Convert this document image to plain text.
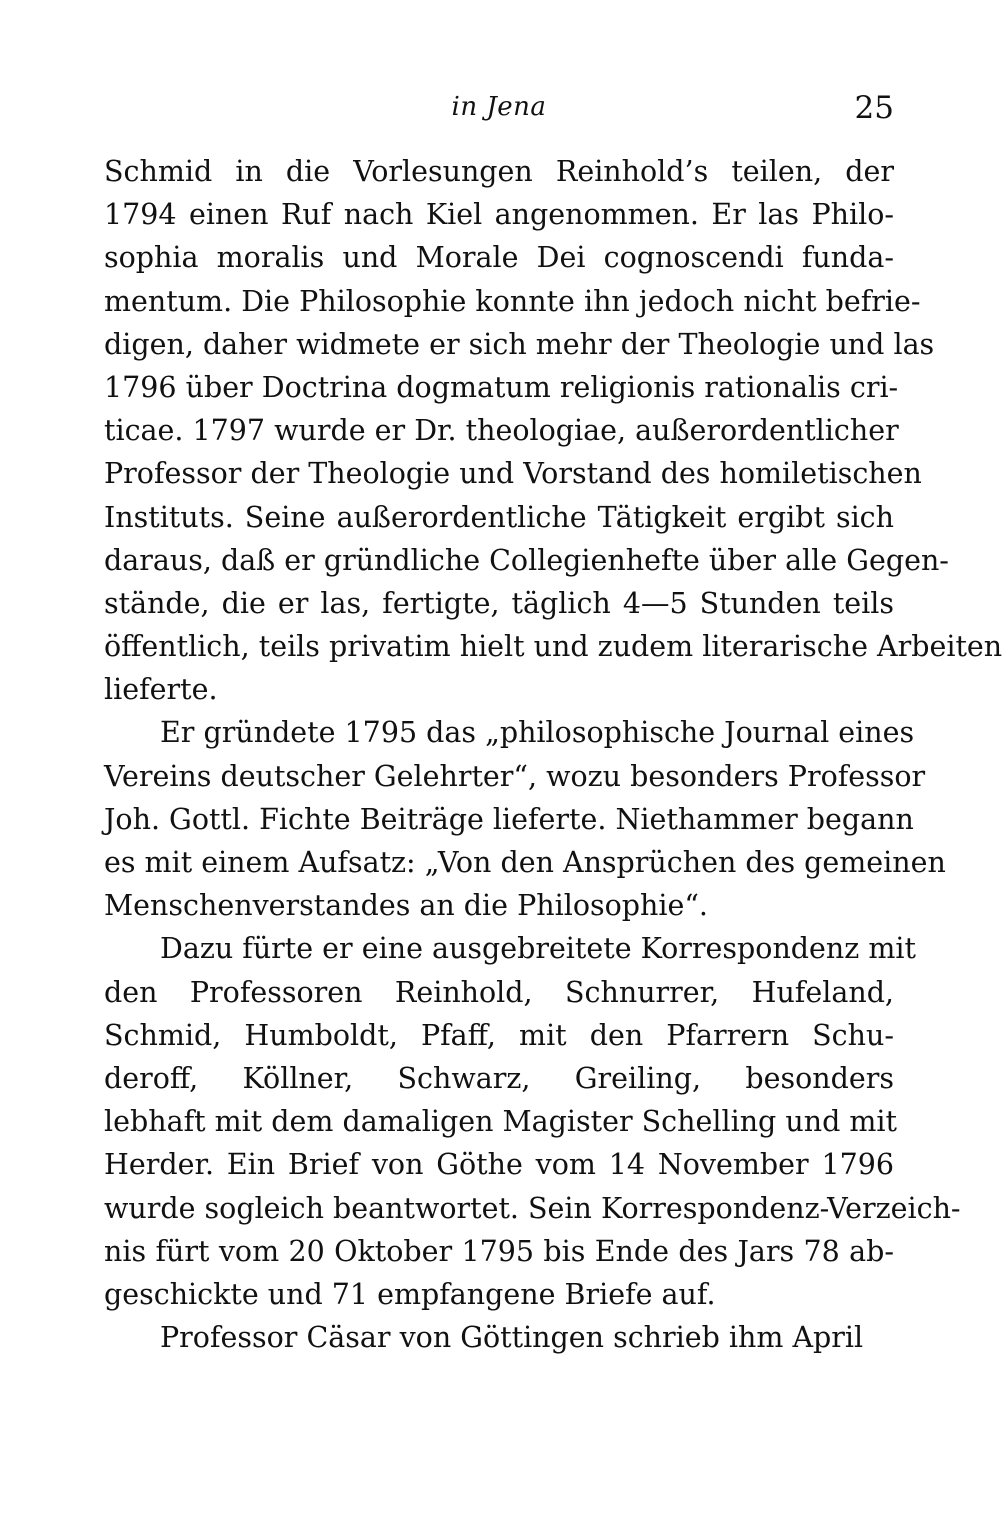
in Jena	25
Schmid in die Vorlesungen Reinhold’s teilen, der
1794 einen Ruf nach Kiel angenommen. Er las Philo-
sophia moralis und Morale Dei cognoscendi funda-
mentum. Die Philosophie konnte ihn jedoch nicht befrie-
digen, daher widmete er sich mehr der Theologie und las
1796 über Doctrina dogmatum religionis rationalis cri-
ticae. 1797 wurde er Dr. theologiae, außerordentlicher
Professor der Theologie und Vorstand des homiletischen
Instituts. Seine außerordentliche Tätigkeit ergibt sich
daraus, daß er gründliche Collegienhefte über alle Gegen-
stände, die er las, fertigte, täglich 4—5 Stunden teils
öffentlich, teils privatim hielt und zudem literarische Arbeiten
lieferte.
Er gründete 1795 das „philosophische Journal eines
Vereins deutscher Gelehrter“, wozu besonders Professor
Joh. Gottl. Fichte Beiträge lieferte. Niethammer begann
es mit einem Aufsatz: „Von den Ansprüchen des gemeinen
Menschenverstandes an die Philosophie“.
Dazu fürte er eine ausgebreitete Korrespondenz mit
den Professoren Reinhold, Schnurrer, Hufeland,
Schmid, Humboldt, Pfaff, mit den Pfarrern Schu-
deroff, Köllner, Schwarz, Greiling, besonders
lebhaft mit dem damaligen Magister Schelling und mit
Herder. Ein Brief von Göthe vom 14 November 1796
wurde sogleich beantwortet. Sein Korrespondenz-Verzeich-
nis fürt vom 20 Oktober 1795 bis Ende des Jars 78 ab-
geschickte und 71 empfangene Briefe auf.
Professor Cäsar von Göttingen schrieb ihm April
